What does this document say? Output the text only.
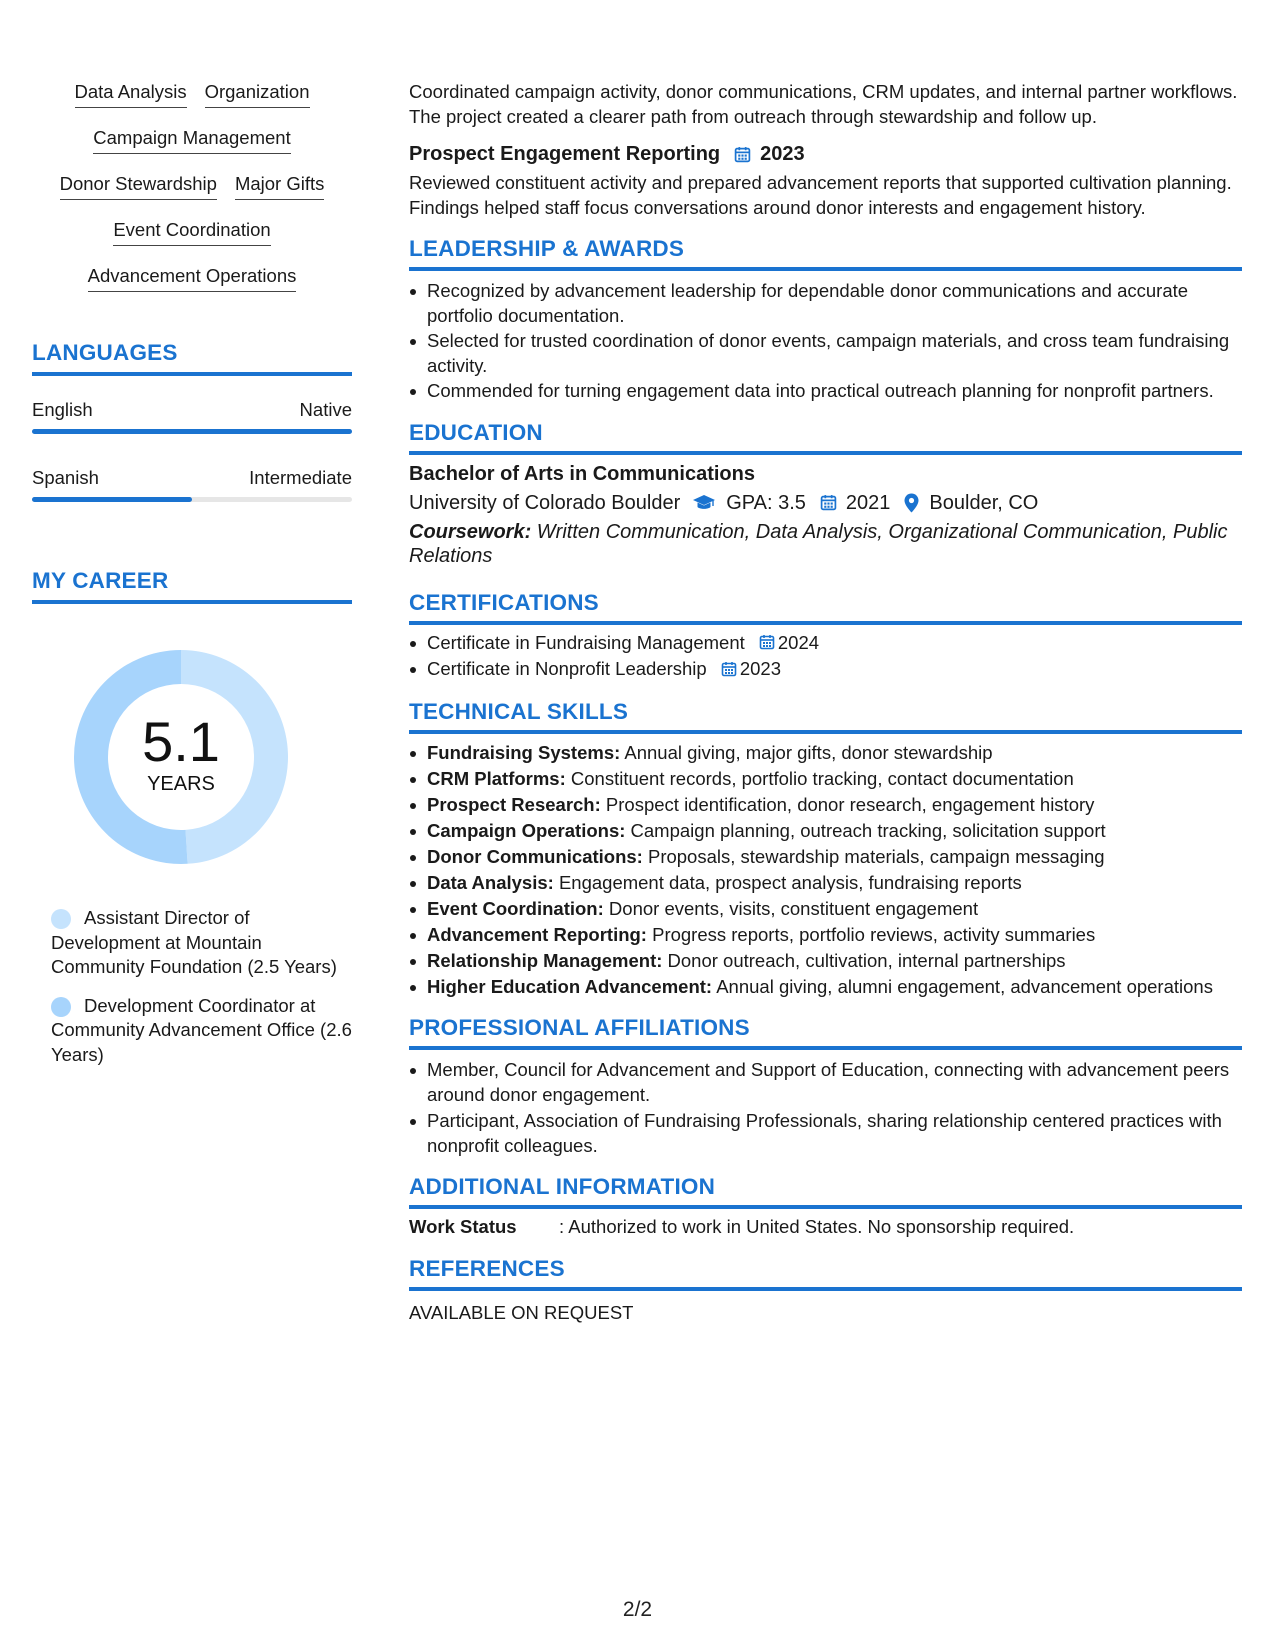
Data Analysis Organization
Campaign Management
Donor Stewardship Major Gifts
Event Coordination
Advancement Operations
LANGUAGES
English	Native
Spanish	Intermediate
MY CAREER
5.1
YEARS
Assistant Director of Development at Mountain Community Foundation (2.5 Years)
Development Coordinator at Community Advancement Office (2.6 Years)
Coordinated campaign activity, donor communications, CRM updates, and internal partner workflows. The project created a clearer path from outreach through stewardship and follow up.
Prospect Engagement Reporting 2023
Reviewed constituent activity and prepared advancement reports that supported cultivation planning. Findings helped staff focus conversations around donor interests and engagement history.
LEADERSHIP & AWARDS
Recognized by advancement leadership for dependable donor communications and accurate portfolio documentation.
Selected for trusted coordination of donor events, campaign materials, and cross team fundraising activity.
Commended for turning engagement data into practical outreach planning for nonprofit partners.
EDUCATION
Bachelor of Arts in Communications
University of Colorado Boulder GPA: 3.5 2021 Boulder, CO
Coursework: Written Communication, Data Analysis, Organizational Communication, Public Relations
CERTIFICATIONS
Certificate in Fundraising Management 2024
Certificate in Nonprofit Leadership 2023
TECHNICAL SKILLS
Fundraising Systems: Annual giving, major gifts, donor stewardship
CRM Platforms: Constituent records, portfolio tracking, contact documentation
Prospect Research: Prospect identification, donor research, engagement history
Campaign Operations: Campaign planning, outreach tracking, solicitation support
Donor Communications: Proposals, stewardship materials, campaign messaging
Data Analysis: Engagement data, prospect analysis, fundraising reports
Event Coordination: Donor events, visits, constituent engagement
Advancement Reporting: Progress reports, portfolio reviews, activity summaries
Relationship Management: Donor outreach, cultivation, internal partnerships
Higher Education Advancement: Annual giving, alumni engagement, advancement operations
PROFESSIONAL AFFILIATIONS
Member, Council for Advancement and Support of Education, connecting with advancement peers around donor engagement.
Participant, Association of Fundraising Professionals, sharing relationship centered practices with nonprofit colleagues.
ADDITIONAL INFORMATION
Work Status	: Authorized to work in United States. No sponsorship required.
REFERENCES
AVAILABLE ON REQUEST
2/2
